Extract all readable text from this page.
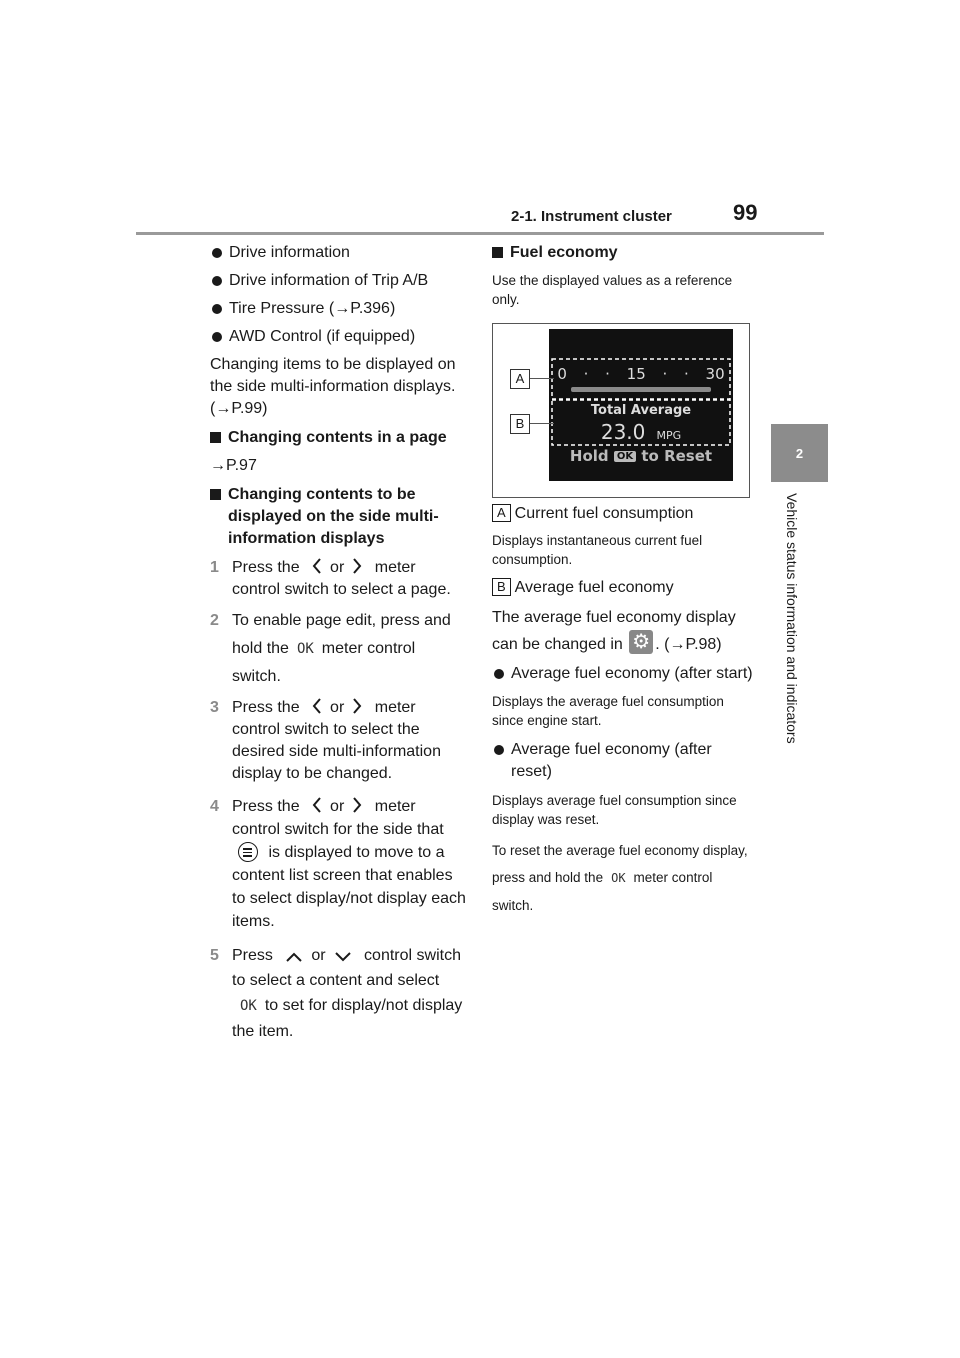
2-1. Instrument cluster	99
2
Vehicle status information and indicators
Drive information
Drive information of Trip A/B
Tire Pressure (→P.396)
AWD Control (if equipped)
Changing items to be displayed on the side multi-information displays. (→P.99)
Changing contents in a page
→P.97
Changing contents to be displayed on the side multi-information displays
1 Press the or meter control switch to select a page.
2 To enable page edit, press and hold the OK meter control switch.
3 Press the or meter control switch to select the desired side multi-information display to be changed.
4 Press the or meter control switch for the side that
is displayed to move to a content list screen that enables to select display/not display each items.
5 Press or control switch to select a content and selectOK to set for display/not display the item.
Fuel economy
Use the displayed values as a reference only.
0 · · 15 · · 30
Total Average
23.0 MPG
Hold OK to Reset
A
B
A Current fuel consumption
Displays instantaneous current fuel consumption.
B Average fuel economy
The average fuel economy display can be changed in ⚙ . (→P.98)
Average fuel economy (after start)
Displays the average fuel consumption since engine start.
Average fuel economy (after reset)
Displays average fuel consumption since display was reset.
To reset the average fuel economy display, press and hold the OK meter control switch.
